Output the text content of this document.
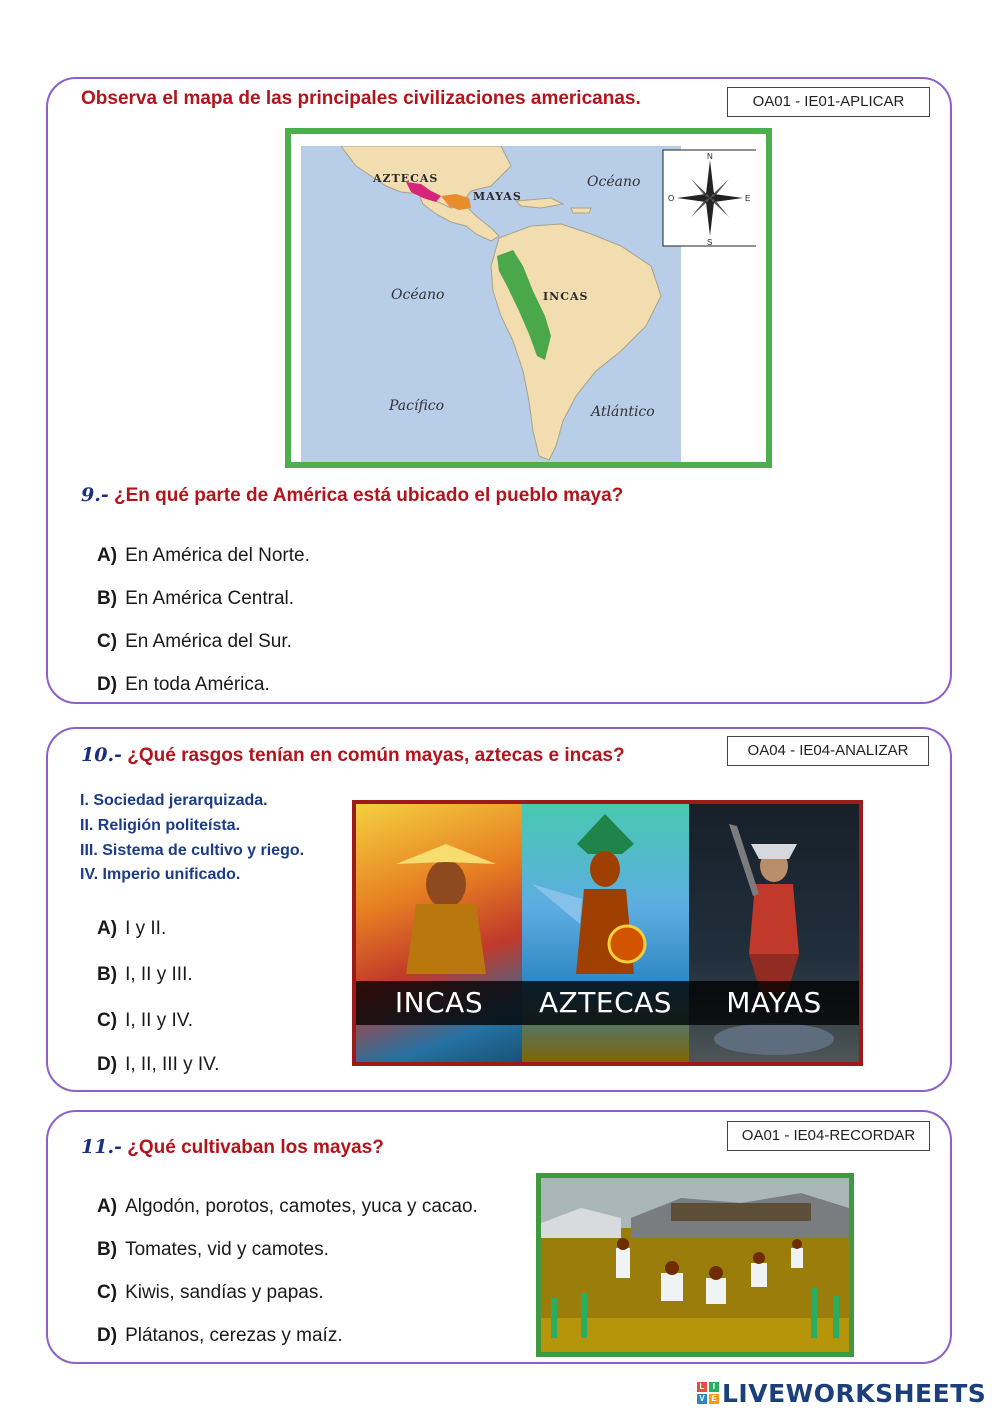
Observa el mapa de las principales civilizaciones americanas.	OA01 - IE01-APLICAR
AZTECAS
MAYAS
INCAS
Océano
Océano
Pacífico	Atlántico
N
S
E
O
9.- ¿En qué parte de América está ubicado el pueblo maya?
A) En América del Norte.
B) En América Central.
C) En América del Sur.
D) En toda América.
10.- ¿Qué rasgos tenían en común mayas, aztecas e incas?	OA04 - IE04-ANALIZAR
I. Sociedad jerarquizada.
II. Religión politeísta.
III. Sistema de cultivo y riego.
IV. Imperio unificado.
INCAS	AZTECAS	MAYAS
A) I y II.
B) I, II y III.
C) I, II y IV.
D) I, II, III y IV.
11.- ¿Qué cultivaban los mayas?
OA01 - IE04-RECORDAR
A) Algodón, porotos, camotes, yuca y cacao.
B) Tomates, vid y camotes.
C) Kiwis, sandías y papas.
D) Plátanos, cerezas y maíz.
L	I
V E LIVEWORKSHEETS
